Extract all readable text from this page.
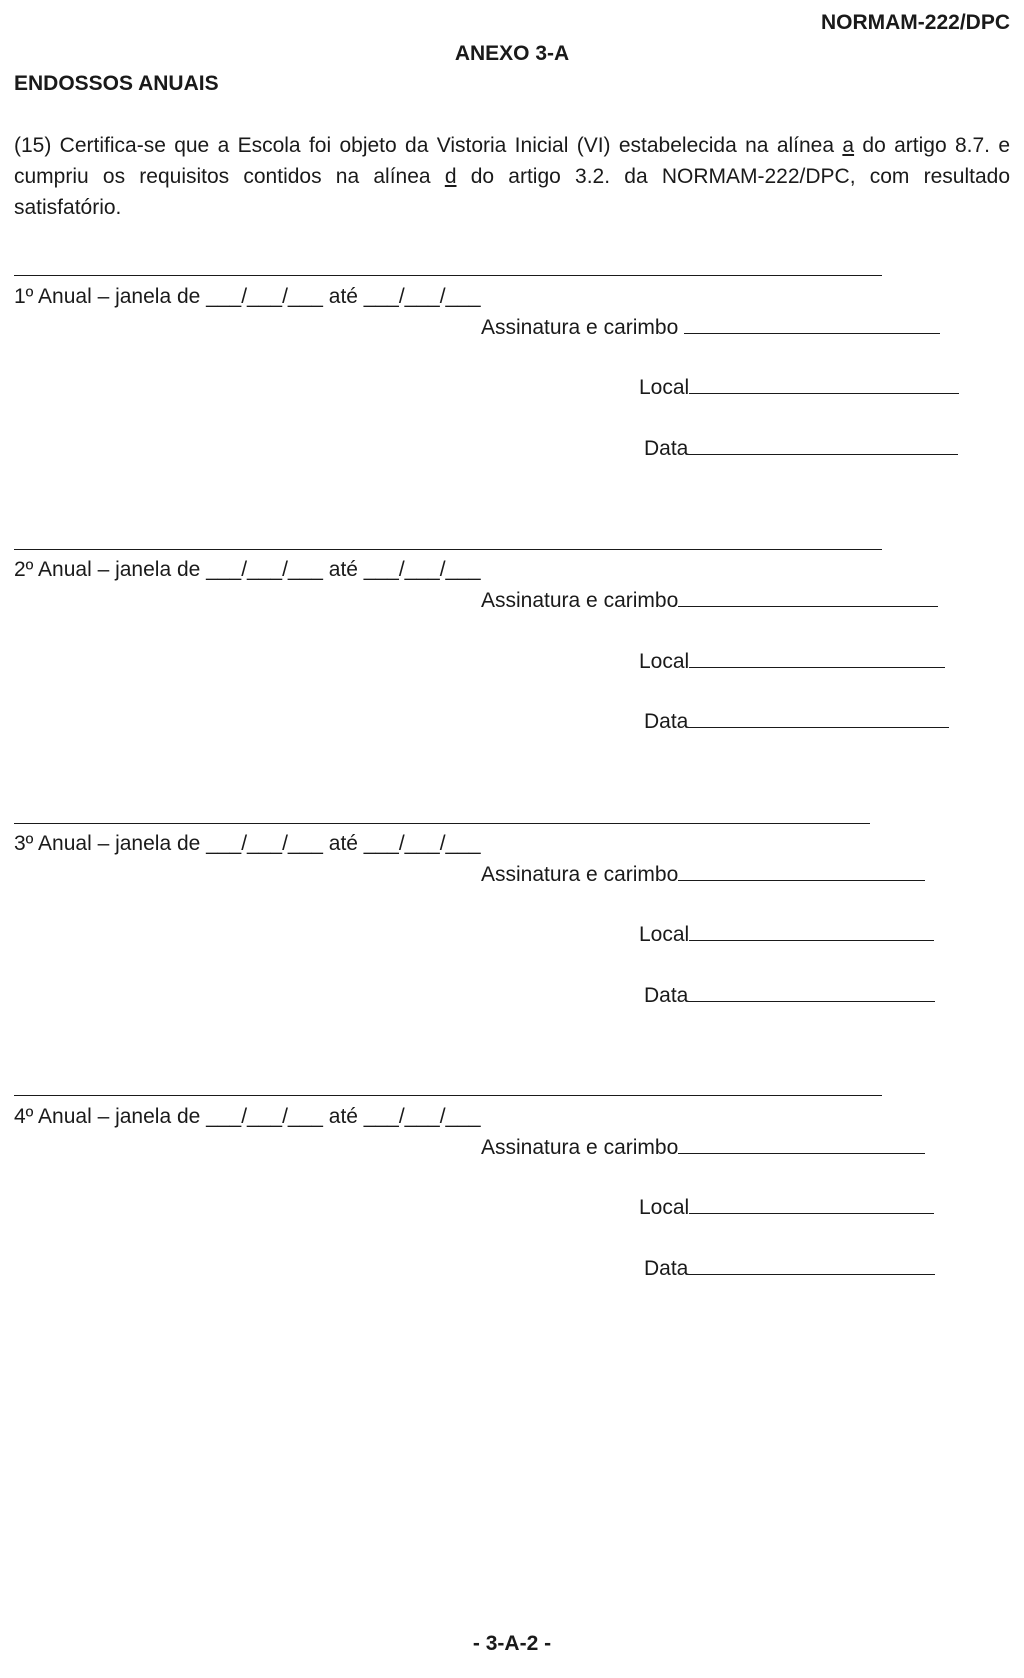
NORMAM-222/DPC
ANEXO 3-A
ENDOSSOS ANUAIS
(15) Certifica-se que a Escola foi objeto da Vistoria Inicial (VI) estabelecida na alínea a do artigo 8.7. e cumpriu os requisitos contidos na alínea d do artigo 3.2. da NORMAM-222/DPC, com resultado satisfatório.
1º Anual – janela de ___/___/___ até ___/___/___
Assinatura e carimbo
Local
Data
2º Anual – janela de ___/___/___ até ___/___/___
Assinatura e carimbo
Local
Data
3º Anual – janela de ___/___/___ até ___/___/___
Assinatura e carimbo
Local
Data
4º Anual – janela de ___/___/___ até ___/___/___
Assinatura e carimbo
Local
Data
- 3-A-2 -
